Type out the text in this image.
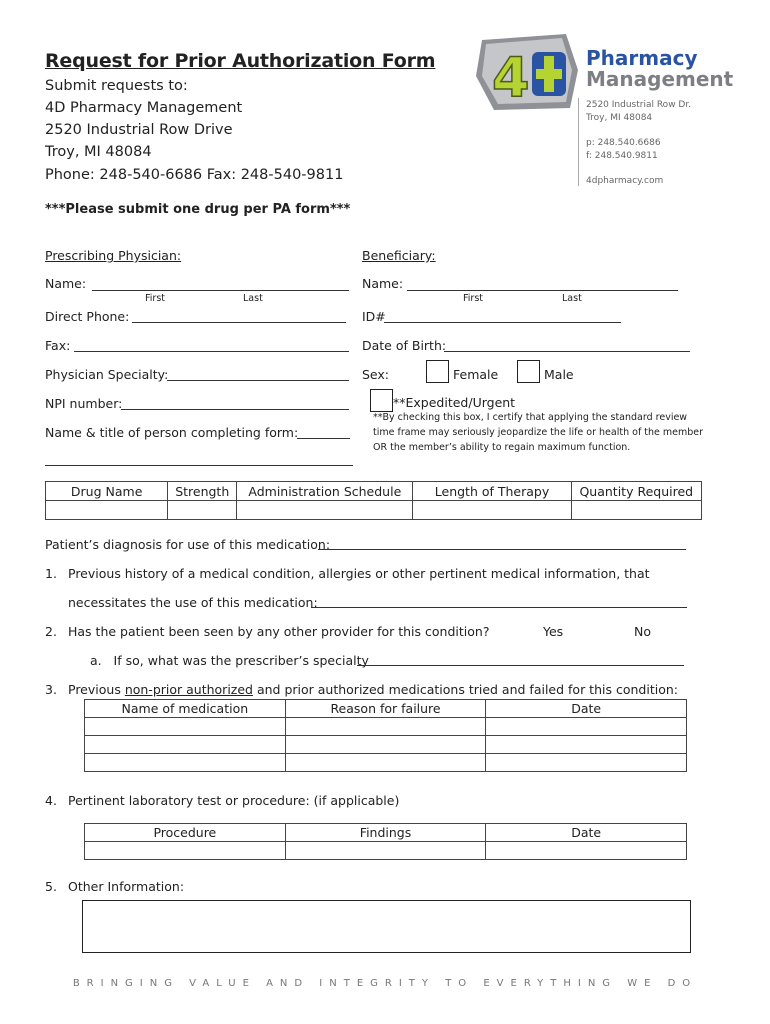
Request for Prior Authorization Form
Submit requests to:
4D Pharmacy Management
2520 Industrial Row Drive
Troy, MI 48084
Phone: 248-540-6686 Fax: 248-540-9811
***Please submit one drug per PA form***
4	Pharmacy
Management
2520 Industrial Row Dr.
Troy, MI 48084
p: 248.540.6686
f: 248.540.9811
4dpharmacy.com
Prescribing Physician:
Name:
First	Last
Direct Phone:
Fax:
Physician Specialty:
NPI number:
Name & title of person completing form:
Beneficiary:
Name:
First	Last
ID#
Date of Birth:
Sex:	Female	Male
**Expedited/Urgent
**By checking this box, I certify that applying the standard review
time frame may seriously jeopardize the life or health of the member
OR the member’s ability to regain maximum function.
Drug Name	Strength	Administration Schedule	Length of Therapy	Quantity Required

Patient’s diagnosis for use of this medication:
1. Previous history of a medical condition, allergies or other pertinent medical information, that
necessitates the use of this medication:
2. Has the patient been seen by any other provider for this condition?	Yes	No
a.   If so, what was the prescriber’s specialty
3. Previous non-prior authorized and prior authorized medications tried and failed for this condition:
Name of medication	Reason for failure	Date

4. Pertinent laboratory test or procedure: (if applicable)
Procedure	Findings	Date

5. Other Information:
BRINGING VALUE AND INTEGRITY TO EVERYTHING WE DO
